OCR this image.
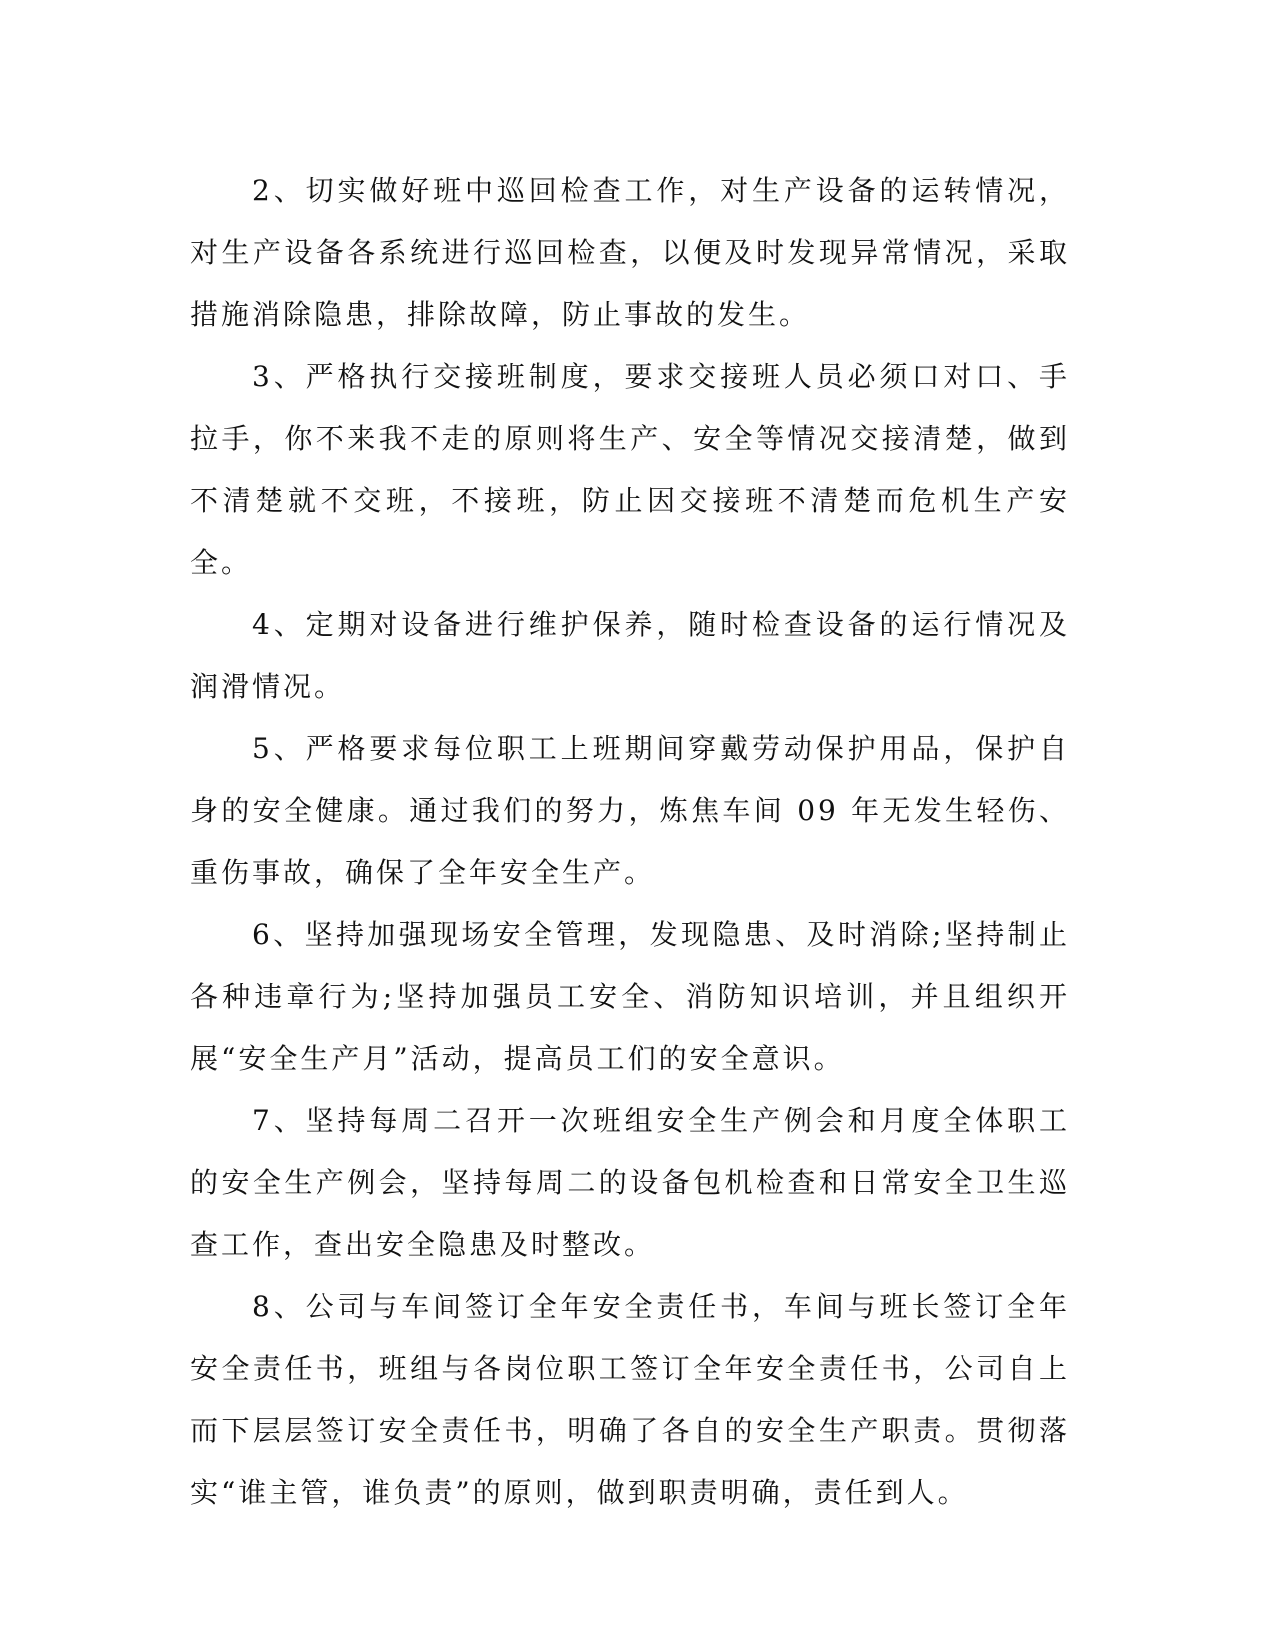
2、切实做好班中巡回检查工作，对生产设备的运转情况，对生产设备各系统进行巡回检查，以便及时发现异常情况，采取措施消除隐患，排除故障，防止事故的发生。

3、严格执行交接班制度，要求交接班人员必须口对口、手拉手，你不来我不走的原则将生产、安全等情况交接清楚，做到不清楚就不交班，不接班，防止因交接班不清楚而危机生产安全。

4、定期对设备进行维护保养，随时检查设备的运行情况及润滑情况。

5、严格要求每位职工上班期间穿戴劳动保护用品，保护自身的安全健康。通过我们的努力，炼焦车间 09 年无发生轻伤、重伤事故，确保了全年安全生产。

6、坚持加强现场安全管理，发现隐患、及时消除;坚持制止各种违章行为;坚持加强员工安全、消防知识培训，并且组织开展“安全生产月”活动，提高员工们的安全意识。

7、坚持每周二召开一次班组安全生产例会和月度全体职工的安全生产例会，坚持每周二的设备包机检查和日常安全卫生巡查工作，查出安全隐患及时整改。

8、公司与车间签订全年安全责任书，车间与班长签订全年安全责任书，班组与各岗位职工签订全年安全责任书，公司自上而下层层签订安全责任书，明确了各自的安全生产职责。贯彻落实“谁主管，谁负责”的原则，做到职责明确，责任到人。
